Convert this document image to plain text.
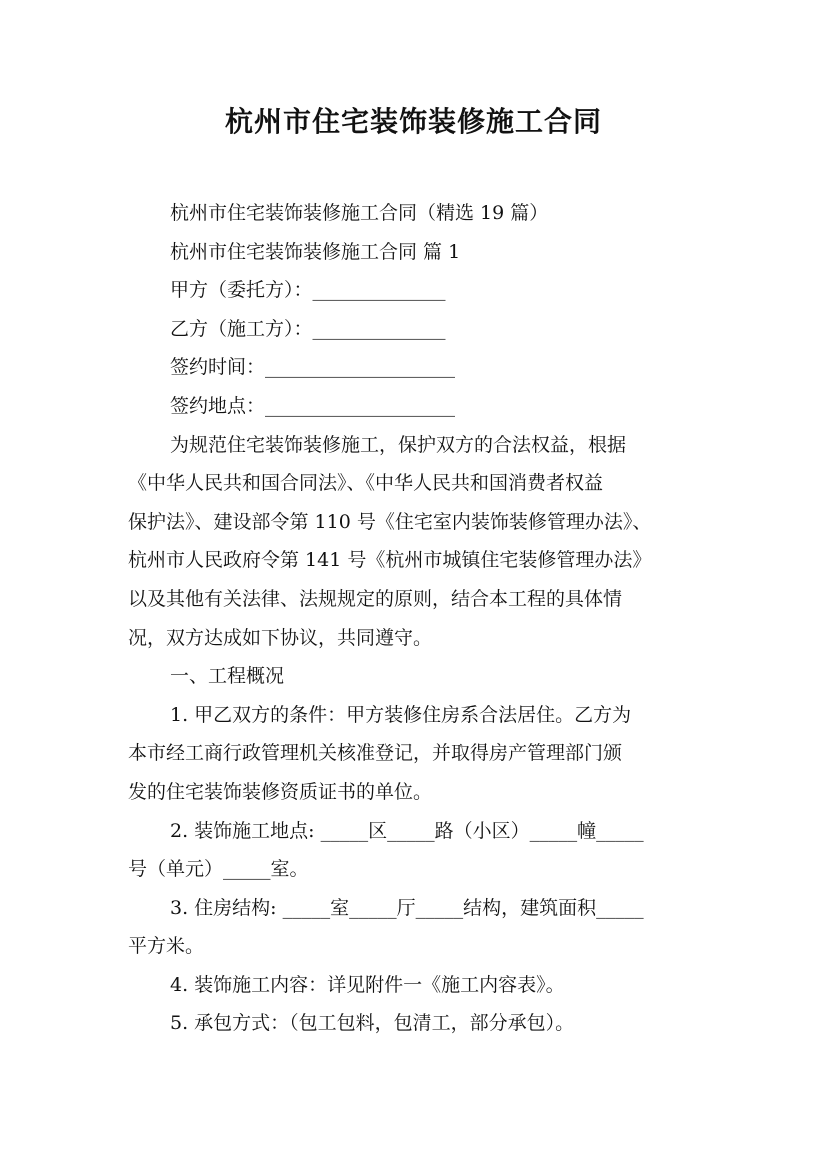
杭州市住宅装饰装修施工合同
杭州市住宅装饰装修施工合同（精选 19 篇）
杭州市住宅装饰装修施工合同 篇 1
甲方（委托方）：______________
乙方（施工方）：______________
签约时间：____________________
签约地点：____________________
为规范住宅装饰装修施工，保护双方的合法权益，根据
《中华人民共和国合同法》、《中华人民共和国消费者权益
保护法》、建设部令第 110 号《住宅室内装饰装修管理办法》、
杭州市人民政府令第 141 号《杭州市城镇住宅装修管理办法》
以及其他有关法律、法规规定的原则，结合本工程的具体情
况，双方达成如下协议，共同遵守。
一、工程概况
1. 甲乙双方的条件：甲方装修住房系合法居住。乙方为
本市经工商行政管理机关核准登记，并取得房产管理部门颁
发的住宅装饰装修资质证书的单位。
2. 装饰施工地点: _____区_____路（小区）_____幢_____
号（单元）_____室。
3. 住房结构: _____室_____厅_____结构，建筑面积_____
平方米。
4. 装饰施工内容：详见附件一《施工内容表》。
5. 承包方式：（包工包料，包清工，部分承包）。
